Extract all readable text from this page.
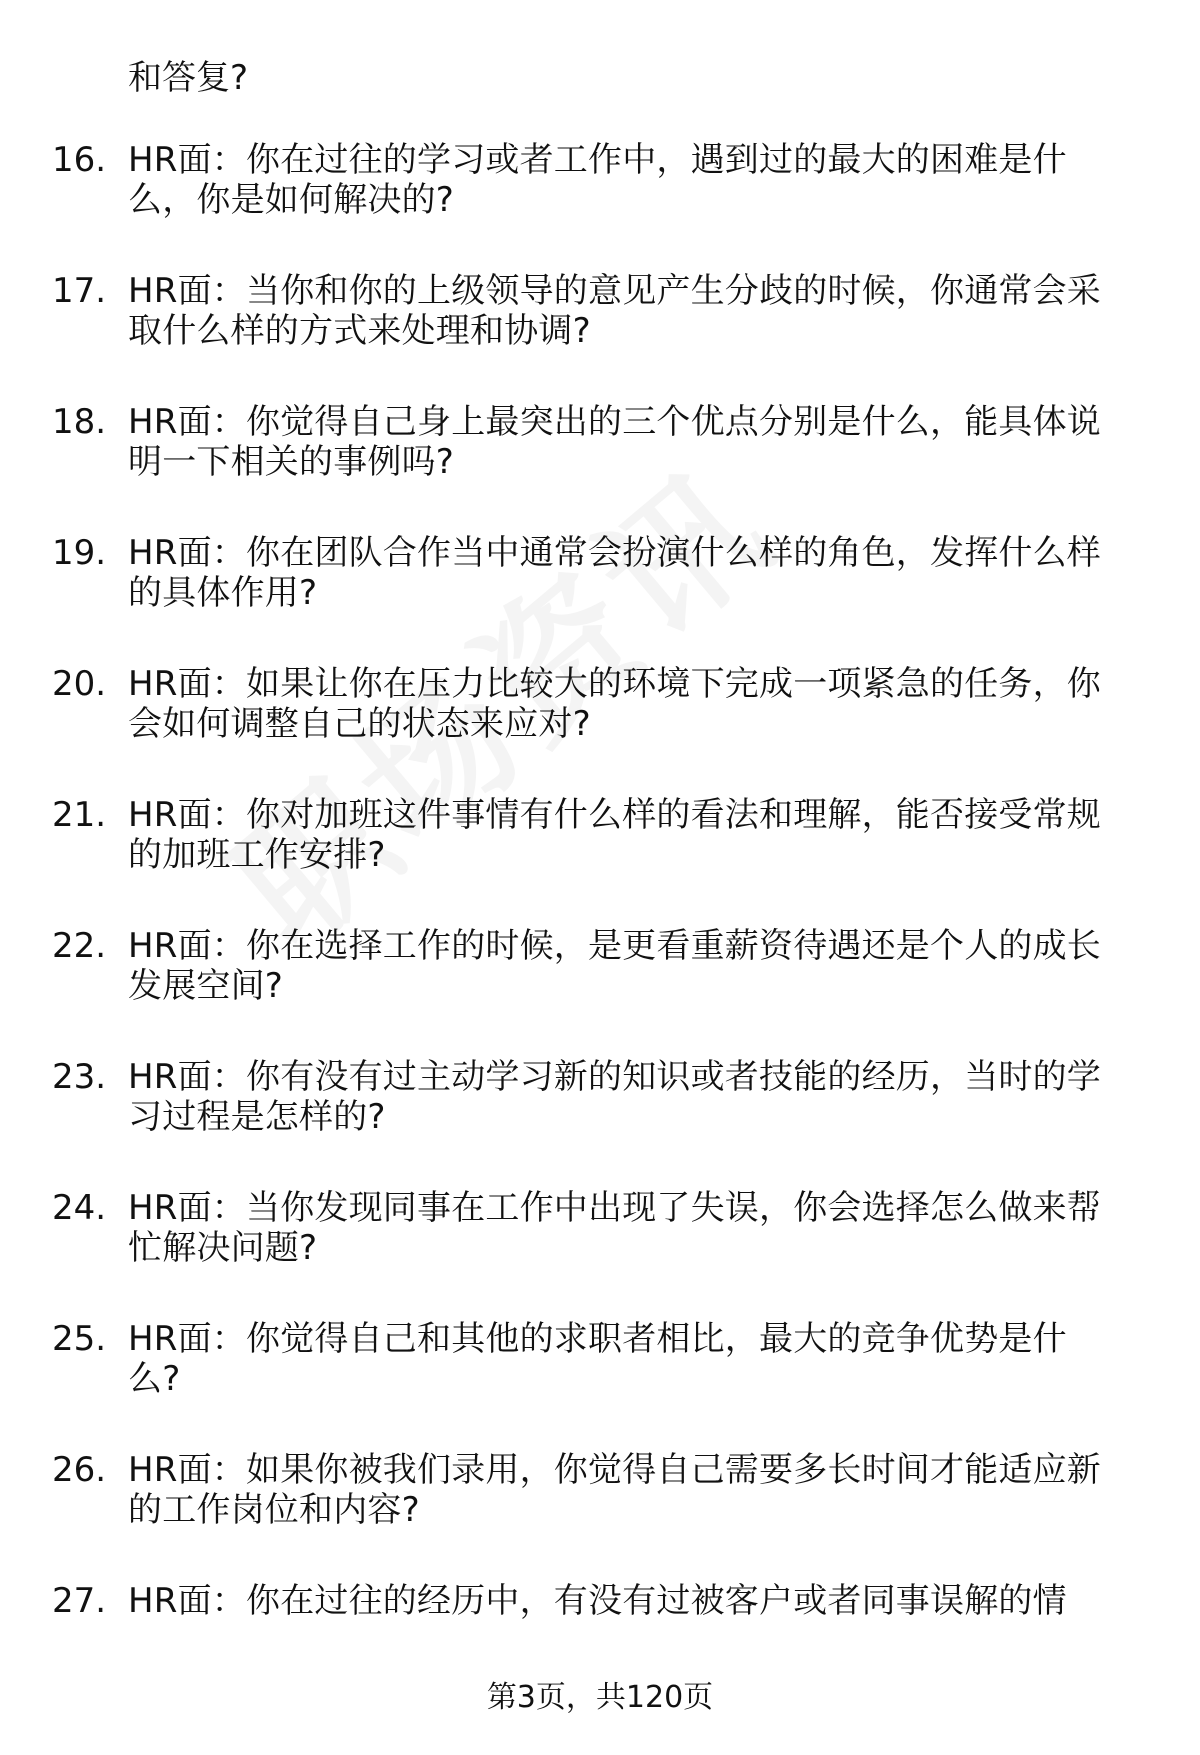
和答复?

16. HR面：你在过往的学习或者工作中，遇到过的最大的困难是什
么，你是如何解决的?
17. HR面：当你和你的上级领导的意见产生分歧的时候，你通常会采
取什么样的方式来处理和协调?
18. HR面：你觉得自己身上最突出的三个优点分别是什么，能具体说
明一下相关的事例吗?
19. HR面：你在团队合作当中通常会扮演什么样的角色，发挥什么样
的具体作用?
20. HR面：如果让你在压力比较大的环境下完成一项紧急的任务，你
会如何调整自己的状态来应对?
21. HR面：你对加班这件事情有什么样的看法和理解，能否接受常规
的加班工作安排?
22. HR面：你在选择工作的时候，是更看重薪资待遇还是个人的成长
发展空间?
23. HR面：你有没有过主动学习新的知识或者技能的经历，当时的学
习过程是怎样的?
24. HR面：当你发现同事在工作中出现了失误，你会选择怎么做来帮
忙解决问题?
25. HR面：你觉得自己和其他的求职者相比，最大的竞争优势是什
么?
26. HR面：如果你被我们录用，你觉得自己需要多长时间才能适应新
的工作岗位和内容?
27. HR面：你在过往的经历中，有没有过被客户或者同事误解的情
第3页，共120页
